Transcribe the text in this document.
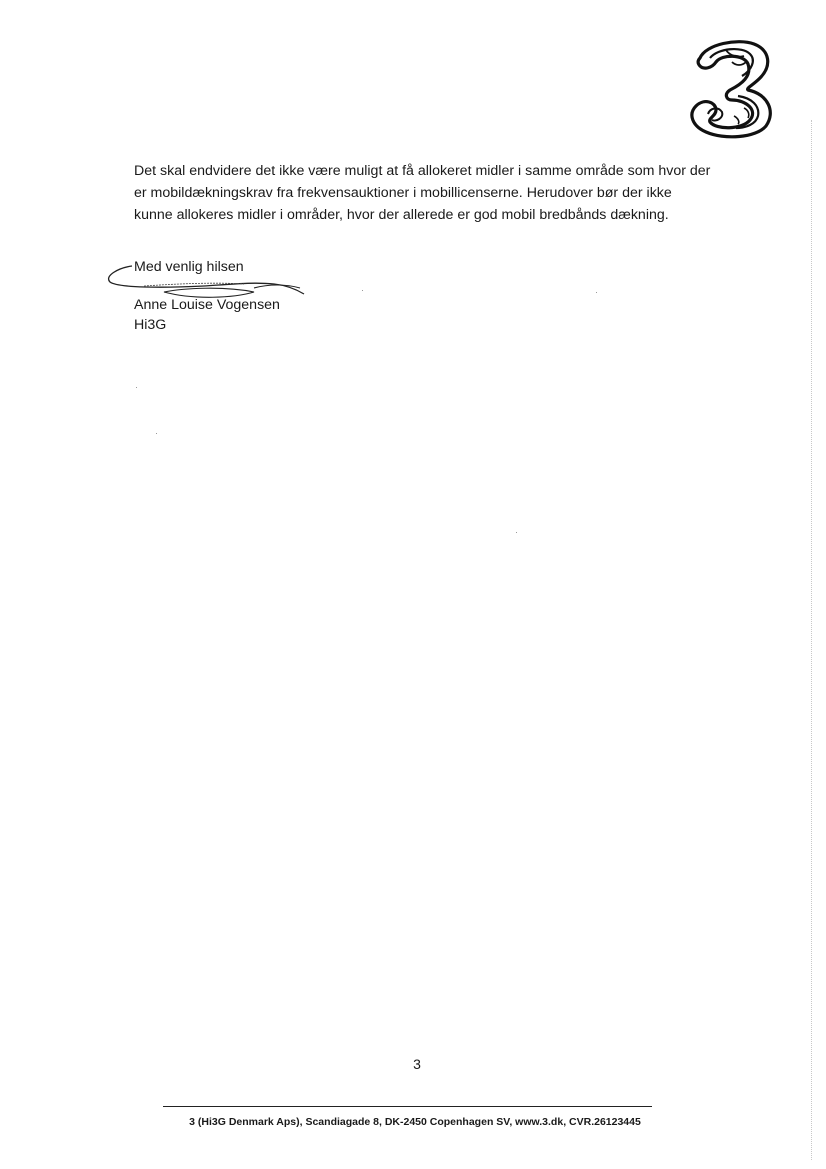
Det skal endvidere det ikke være muligt at få allokeret midler i samme område som hvor der
er mobildækningskrav fra frekvensauktioner i mobillicenserne. Herudover bør der ikke
kunne allokeres midler i områder, hvor der allerede er god mobil bredbånds dækning.

Med venlig hilsen

Anne Louise Vogensen

Hi3G

3
3 (Hi3G Denmark Aps), Scandiagade 8, DK-2450 Copenhagen SV, www.3.dk, CVR.26123445
